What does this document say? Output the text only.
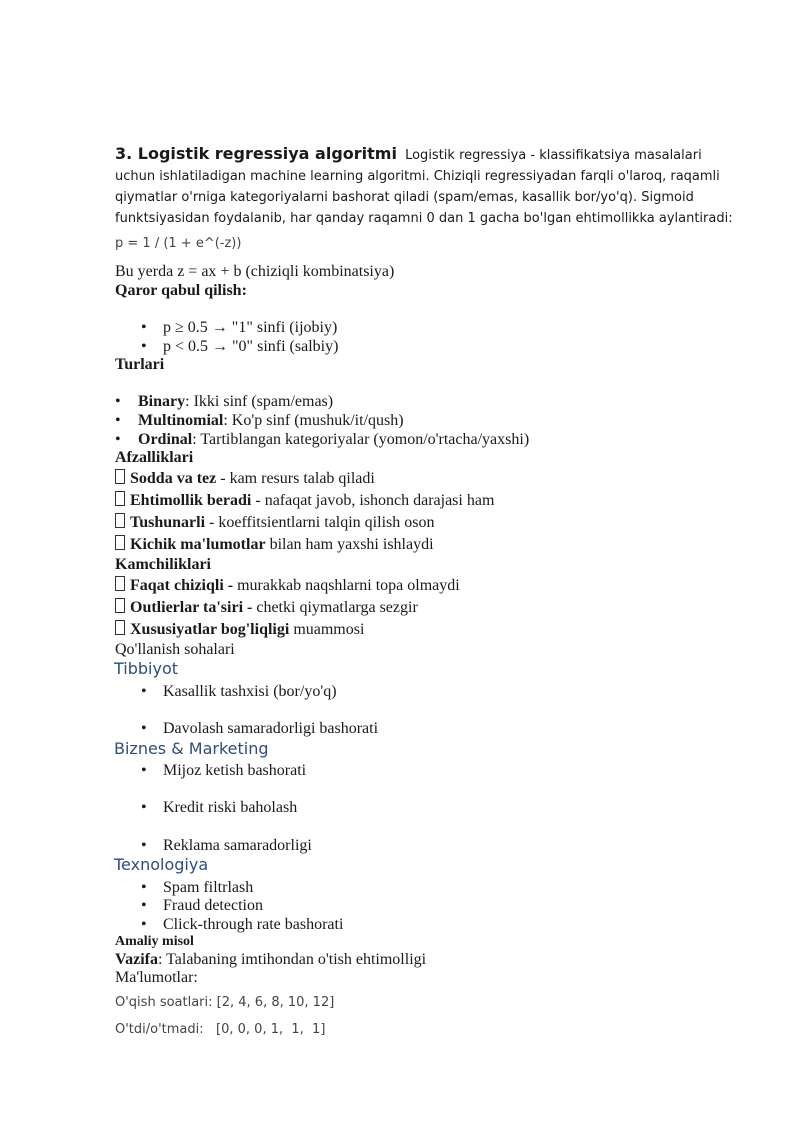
3. Logistik regressiya algoritmi Logistik regressiya - klassifikatsiya masalalari uchun ishlatiladigan machine learning algoritmi. Chiziqli regressiyadan farqli o'laroq, raqamli qiymatlar o'rniga kategoriyalarni bashorat qiladi (spam/emas, kasallik bor/yo'q). Sigmoid funktsiyasidan foydalanib, har qanday raqamni 0 dan 1 gacha bo'lgan ehtimollikka aylantiradi:
p = 1 / (1 + e^(-z))
Bu yerda z = ax + b (chiziqli kombinatsiya)
Qaror qabul qilish:
• p ≥ 0.5 → "1" sinfi (ijobiy)
• p < 0.5 → "0" sinfi (salbiy)
Turlari
• Binary: Ikki sinf (spam/emas)
• Multinomial: Ko'p sinf (mushuk/it/qush)
• Ordinal: Tartiblangan kategoriyalar (yomon/o'rtacha/yaxshi)
Afzalliklari
Sodda va tez - kam resurs talab qiladi
Ehtimollik beradi - nafaqat javob, ishonch darajasi ham
Tushunarli - koeffitsientlarni talqin qilish oson
Kichik ma'lumotlar bilan ham yaxshi ishlaydi
Kamchiliklari
Faqat chiziqli - murakkab naqshlarni topa olmaydi
Outlierlar ta'siri - chetki qiymatlarga sezgir
Xususiyatlar bog'liqligi muammosi
Qo'llanish sohalari
Tibbiyot
• Kasallik tashxisi (bor/yo'q)
• Davolash samaradorligi bashorati
Biznes & Marketing
• Mijoz ketish bashorati
• Kredit riski baholash
• Reklama samaradorligi
Texnologiya
• Spam filtrlash
• Fraud detection
• Click-through rate bashorati
Amaliy misol
Vazifa: Talabaning imtihondan o'tish ehtimolligi
Ma'lumotlar:
O'qish soatlari: [2, 4, 6, 8, 10, 12]
O'tdi/o'tmadi:   [0, 0, 0, 1,  1,  1]
